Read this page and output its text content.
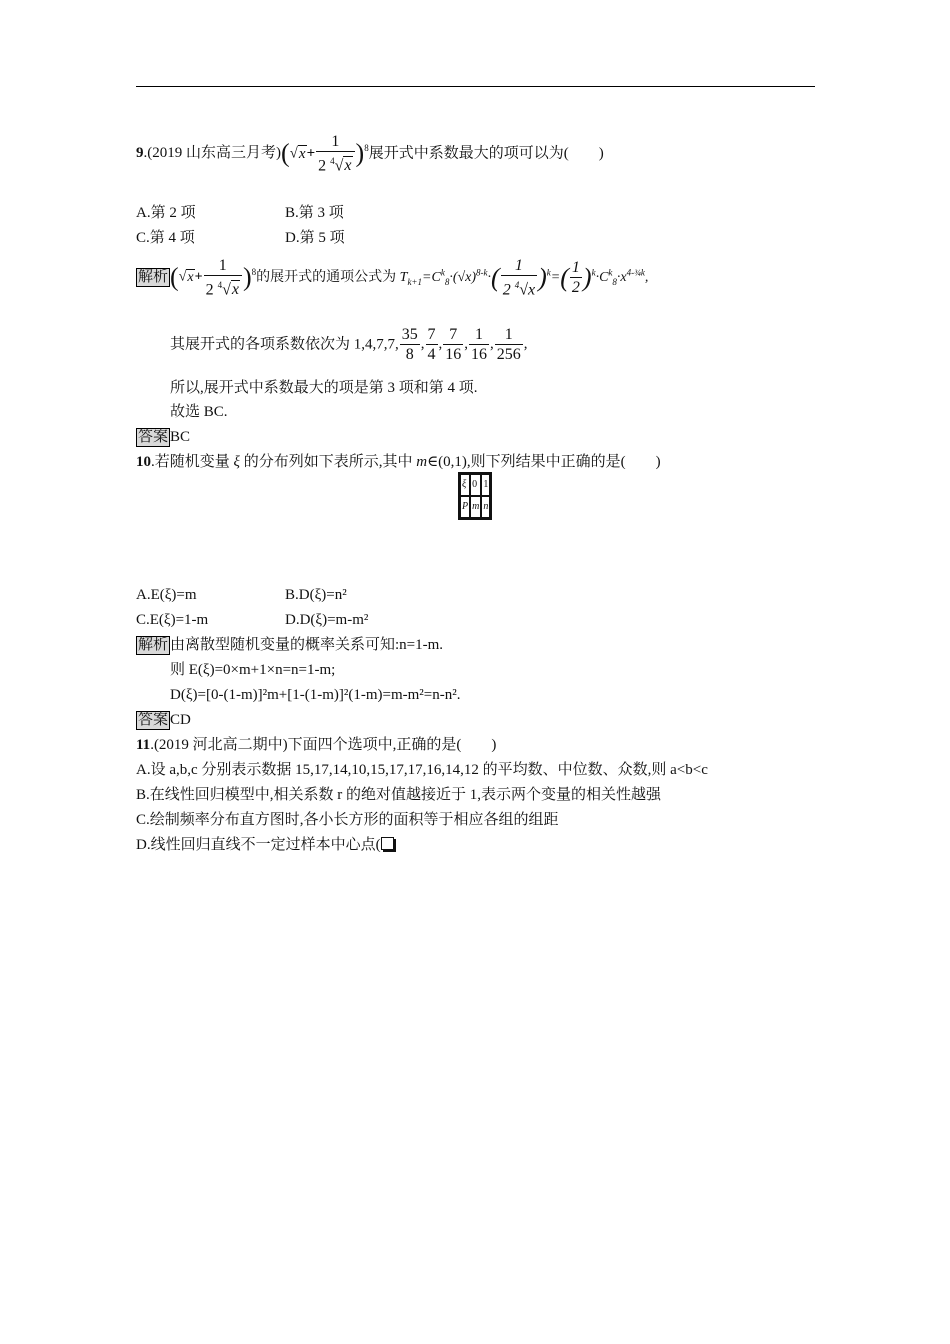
9.(2019 山东高三月考)$(√x+ \frac{1}{2 ^4√x} )^8$展开式中系数最大的项可以为(　　)
A.第 2 项	B.第 3 项
C.第 4 项	D.第 5 项
解析$(√x+ \frac{1}{2 ^4√x} )^8$的展开式的通项公式为 $T_{k+1}=C^k_8\cdot(√x)^{8-k}\cdot( \frac{1}{2 ^4√x} )^k=( \frac{1}{2} )^k\cdot C^k_8\cdot x^{4-\frac{3}{4}k}$,
其展开式的各项系数依次为 1,4,7,7, $\frac{35}{8}$ , $\frac{7}{4}$ , $\frac{7}{16}$ , $\frac{1}{16}$ , $\frac{1}{256}$ ,
所以,展开式中系数最大的项是第 3 项和第 4 项.
故选 BC.
答案 BC
10.若随机变量 ξ 的分布列如下表所示,其中 m∈(0,1),则下列结果中正确的是(　　)
ξ	0	1
P	m	n
A.E(ξ)=m	B.D(ξ)=n²
C.E(ξ)=1-m	D.D(ξ)=m-m²
解析 由离散型随机变量的概率关系可知:n=1-m.
则 E(ξ)=0×m+1×n=n=1-m;
D(ξ)=[0-(1-m)]²m+[1-(1-m)]²(1-m)=m-m²=n-n².
答案 CD
11.(2019 河北高二期中)下面四个选项中,正确的是(　　)
A.设 a,b,c 分别表示数据 15,17,14,10,15,17,17,16,14,12 的平均数、中位数、众数,则 a<b<c
B.在线性回归模型中,相关系数 r 的绝对值越接近于 1,表示两个变量的相关性越强
C.绘制频率分布直方图时,各小长方形的面积等于相应各组的组距
D.线性回归直线不一定过样本中心点(
